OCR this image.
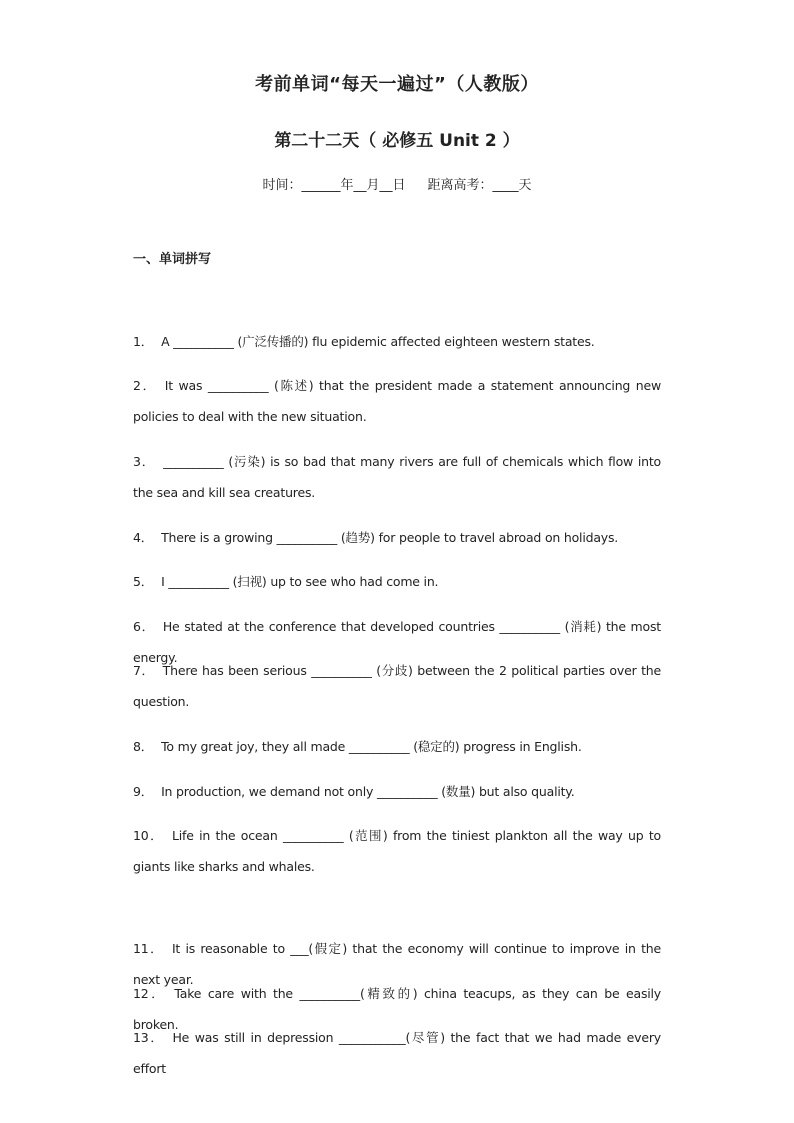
考前单词“每天一遍过”（人教版）
第二十二天（ 必修五 Unit 2 ）
时间：______年__月__日 距离高考：____天
一、单词拼写
1． A __________ (广泛传播的) flu epidemic affected eighteen western states.
2． It was __________ (陈述) that the president made a statement announcing new policies to deal with the new situation.
3． __________ (污染) is so bad that many rivers are full of chemicals which flow into the sea and kill sea creatures.
4． There is a growing __________ (趋势) for people to travel abroad on holidays.
5． I __________ (扫视) up to see who had come in.
6． He stated at the conference that developed countries __________ (消耗) the most energy.
7． There has been serious __________ (分歧) between the 2 political parties over the question.
8． To my great joy, they all made __________ (稳定的) progress in English.
9． In production, we demand not only __________ (数量) but also quality.
10． Life in the ocean __________ (范围) from the tiniest plankton all the way up to giants like sharks and whales.
11． It is reasonable to ___(假定) that the economy will continue to improve in the next year.
12． Take care with the __________(精致的) china teacups, as they can be easily broken.
13． He was still in depression ___________(尽管) the fact that we had made every effort
